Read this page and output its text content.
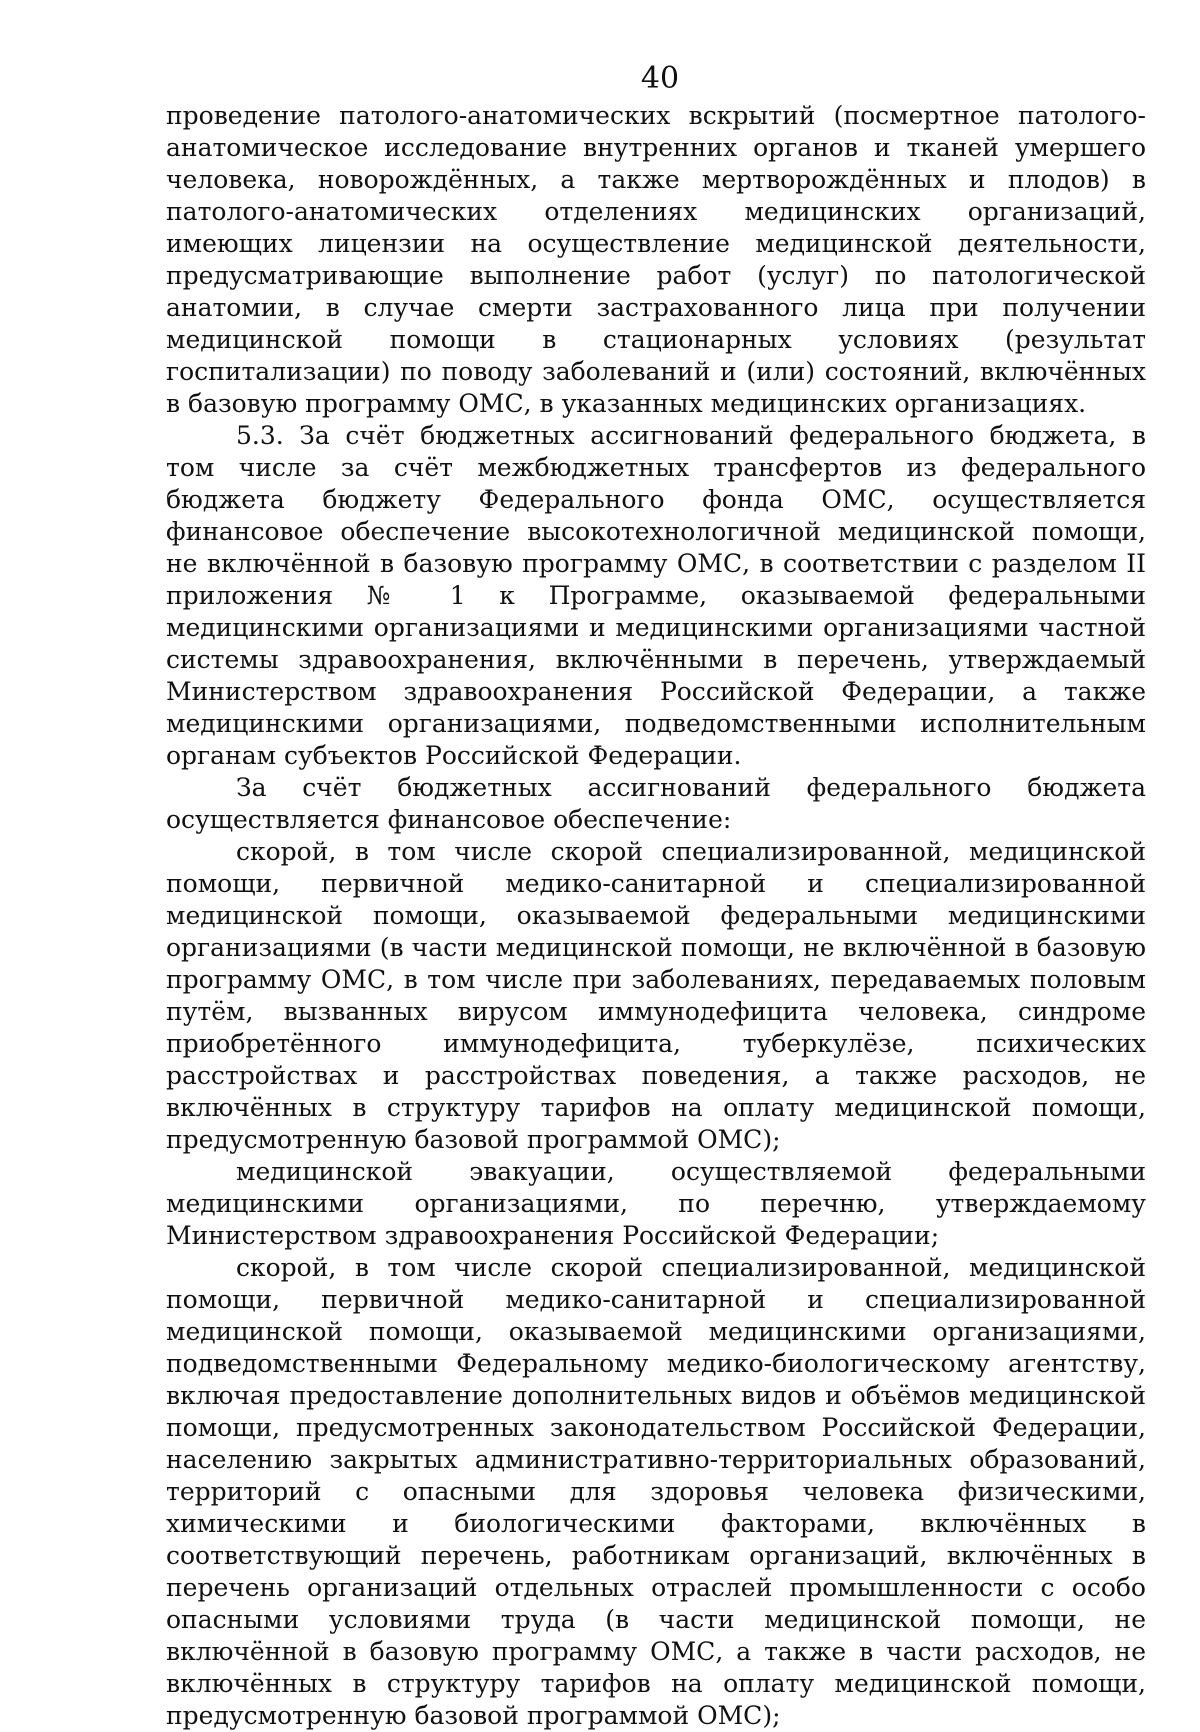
40

проведение патолого-анатомических вскрытий (посмертное патолого-анатомическое исследование внутренних органов и тканей умершего человека, новорождённых, а также мертворождённых и плодов) в патолого-анатомических отделениях медицинских организаций, имеющих лицензии на осуществление медицинской деятельности, предусматривающие выполнение работ (услуг) по патологической анатомии, в случае смерти застрахованного лица при получении медицинской помощи в стационарных условиях (результат госпитализации) по поводу заболеваний и (или) состояний, включённых в базовую программу ОМС, в указанных медицинских организациях.

5.3. За счёт бюджетных ассигнований федерального бюджета, в том числе за счёт межбюджетных трансфертов из федерального бюджета бюджету Федерального фонда ОМС, осуществляется финансовое обеспечение высокотехнологичной медицинской помощи, не включённой в базовую программу ОМС, в соответствии с разделом II приложения № 1 к Программе, оказываемой федеральными медицинскими организациями и медицинскими организациями частной системы здравоохранения, включёнными в перечень, утверждаемый Министерством здравоохранения Российской Федерации, а также медицинскими организациями, подведомственными исполнительным органам субъектов Российской Федерации.

За счёт бюджетных ассигнований федерального бюджета осуществляется финансовое обеспечение:

скорой, в том числе скорой специализированной, медицинской помощи, первичной медико-санитарной и специализированной медицинской помощи, оказываемой федеральными медицинскими организациями (в части медицинской помощи, не включённой в базовую программу ОМС, в том числе при заболеваниях, передаваемых половым путём, вызванных вирусом иммунодефицита человека, синдроме приобретённого иммунодефицита, туберкулёзе, психических расстройствах и расстройствах поведения, а также расходов, не включённых в структуру тарифов на оплату медицинской помощи, предусмотренную базовой программой ОМС);

медицинской эвакуации, осуществляемой федеральными медицинскими организациями, по перечню, утверждаемому Министерством здравоохранения Российской Федерации;

скорой, в том числе скорой специализированной, медицинской помощи, первичной медико-санитарной и специализированной медицинской помощи, оказываемой медицинскими организациями, подведомственными Федеральному медико-биологическому агентству, включая предоставление дополнительных видов и объёмов медицинской помощи, предусмотренных законодательством Российской Федерации, населению закрытых административно-территориальных образований, территорий с опасными для здоровья человека физическими, химическими и биологическими факторами, включённых в соответствующий перечень, работникам организаций, включённых в перечень организаций отдельных отраслей промышленности с особо опасными условиями труда (в части медицинской помощи, не включённой в базовую программу ОМС, а также в части расходов, не включённых в структуру тарифов на оплату медицинской помощи, предусмотренную базовой программой ОМС);
